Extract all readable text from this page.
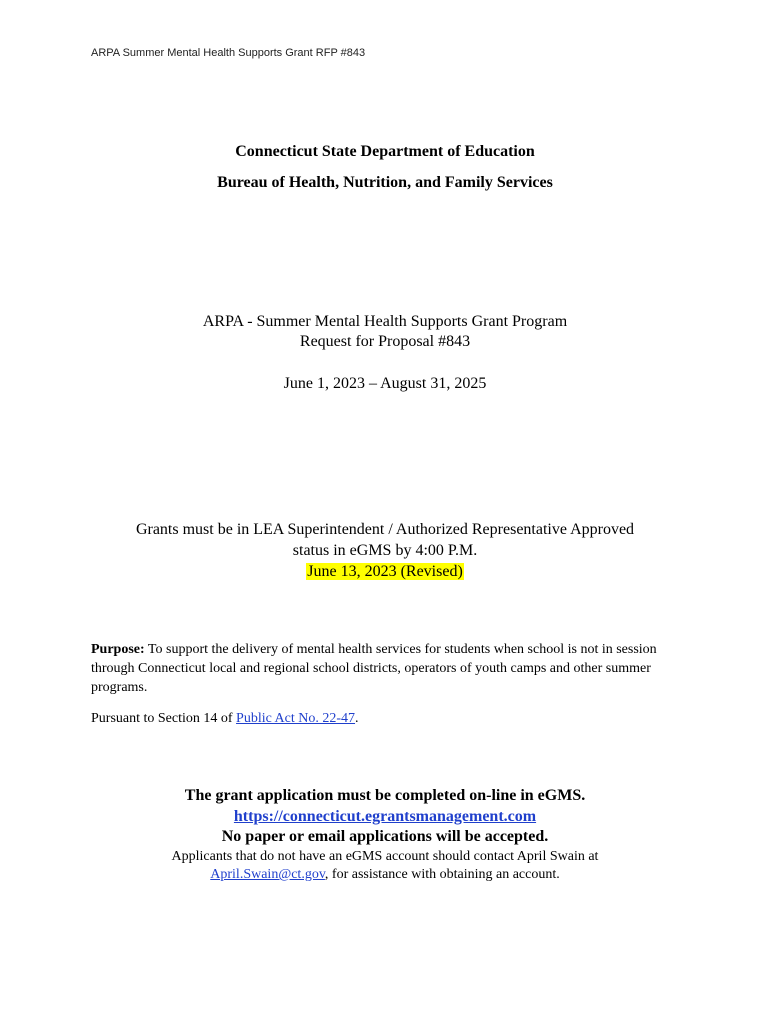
ARPA Summer Mental Health Supports Grant RFP #843
Connecticut State Department of Education
Bureau of Health, Nutrition, and Family Services
ARPA - Summer Mental Health Supports Grant Program
Request for Proposal #843
June 1, 2023 – August 31, 2025
Grants must be in LEA Superintendent / Authorized Representative Approved
status in eGMS by 4:00 P.M.
June 13, 2023 (Revised)
Purpose: To support the delivery of mental health services for students when school is not in session through Connecticut local and regional school districts, operators of youth camps and other summer programs.
Pursuant to Section 14 of Public Act No. 22-47.
The grant application must be completed on-line in eGMS.
https://connecticut.egrantsmanagement.com
No paper or email applications will be accepted.
Applicants that do not have an eGMS account should contact April Swain at
April.Swain@ct.gov, for assistance with obtaining an account.
